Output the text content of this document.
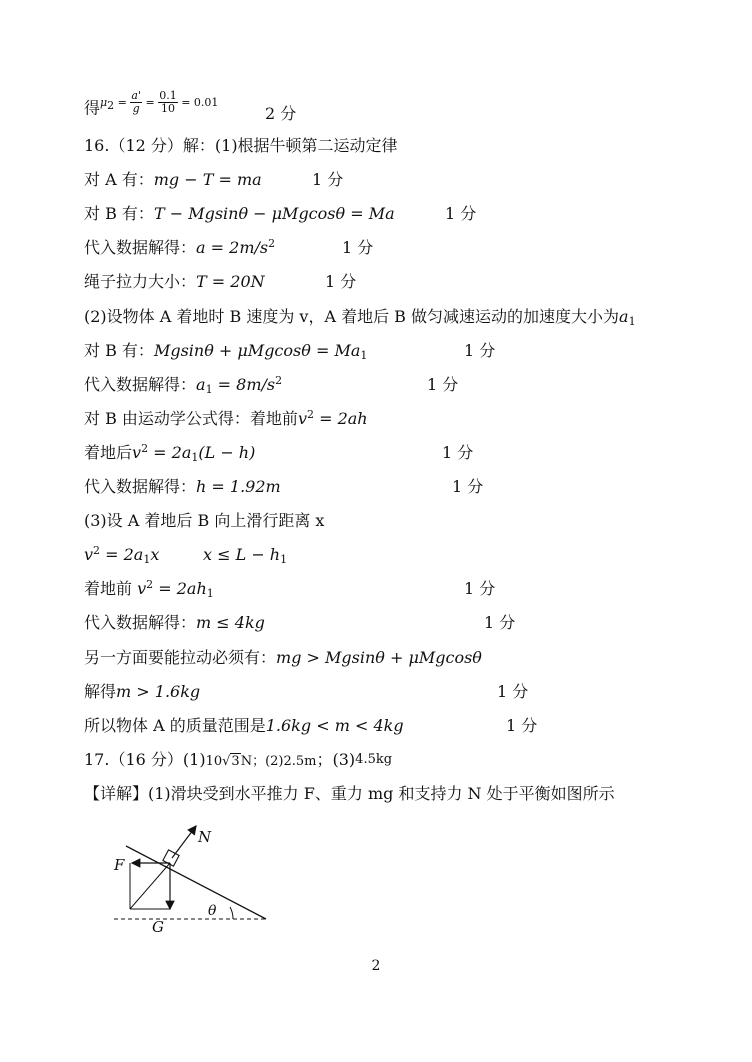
得$^{\mu_2 = \frac{a'}{g} = \frac{0.1}{10} = 0.01}$
2 分
16.（12 分）解：(1)根据牛顿第二运动定律
对 A 有：mg − T = ma	1 分
对 B 有：T − Mgsinθ − μMgcosθ = Ma	1 分
代入数据解得：$a = 2m/s^2$	1 分
绳子拉力大小：T = 20N	1 分
(2)设物体 A 着地时 B 速度为 v，A 着地后 B 做匀减速运动的加速度大小为$a_1$
对 B 有：$Mgsin\theta + \mu Mgcos\theta = Ma_1$	1 分
代入数据解得：$a_1 = 8m/s^2$	1 分
对 B 由运动学公式得：着地前$v^2 = 2ah$
着地后$v^2 = 2a_1(L - h)$	1 分
代入数据解得：h = 1.92m	1 分
(3)设 A 着地后 B 向上滑行距离 x
$v^2 = 2a_1x$	$x \le L - h_1$
着地前 $v^2 = 2ah_1$	1 分
代入数据解得：m ≤ 4kg	1 分
另一方面要能拉动必须有：mg > Mgsinθ + μMgcosθ
解得m > 1.6kg	1 分
所以物体 A 的质量范围是1.6kg < m < 4kg	1 分
17.（16 分）(1)10√3N；(2)2.5m；(3)4.5kg
【详解】(1)滑块受到水平推力 F、重力 mg 和支持力 N 处于平衡如图所示
N
F
G
θ
2
